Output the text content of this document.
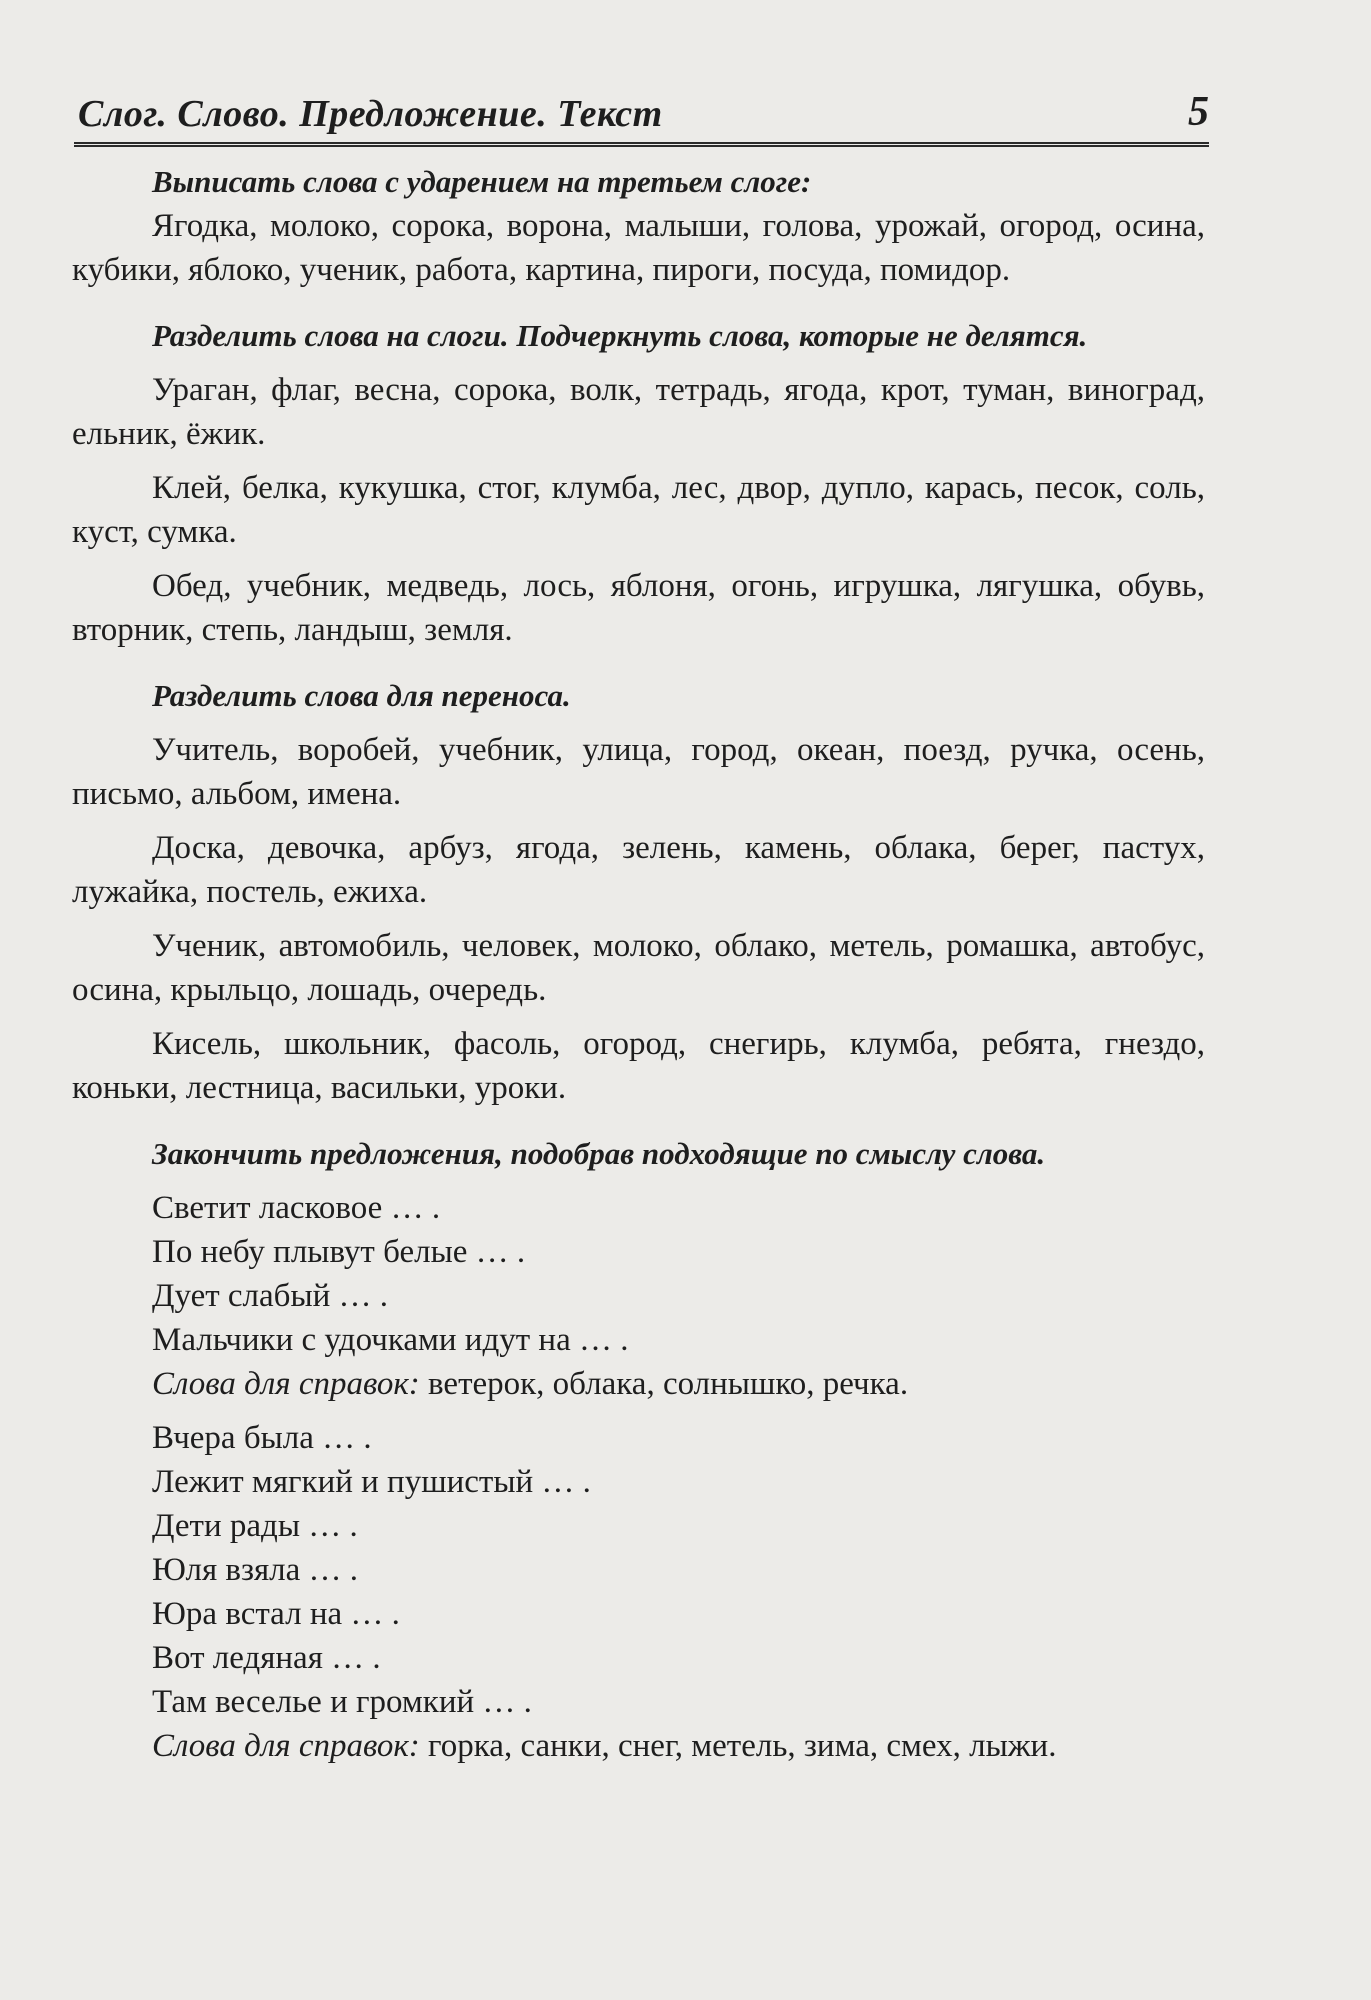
Слог. Слово. Предложение. Текст	5

Выписать слова с ударением на третьем слоге:

Ягодка, молоко, сорока, ворона, малыши, голова, урожай, огород, осина, кубики, яблоко, ученик, работа, картина, пироги, посуда, помидор.

Разделить слова на слоги. Подчеркнуть слова, которые не делятся.

Ураган, флаг, весна, сорока, волк, тетрадь, ягода, крот, туман, виноград, ельник, ёжик.

Клей, белка, кукушка, стог, клумба, лес, двор, дупло, карась, песок, соль, куст, сумка.

Обед, учебник, медведь, лось, яблоня, огонь, игрушка, лягушка, обувь, вторник, степь, ландыш, земля.

Разделить слова для переноса.

Учитель, воробей, учебник, улица, город, океан, поезд, ручка, осень, письмо, альбом, имена.

Доска, девочка, арбуз, ягода, зелень, камень, облака, берег, пастух, лужайка, постель, ежиха.

Ученик, автомобиль, человек, молоко, облако, метель, ромашка, автобус, осина, крыльцо, лошадь, очередь.

Кисель, школьник, фасоль, огород, снегирь, клумба, ребята, гнездо, коньки, лестница, васильки, уроки.

Закончить предложения, подобрав подходящие по смыслу слова.

Светит ласковое … .

По небу плывут белые … .

Дует слабый … .

Мальчики с удочками идут на … .

Слова для справок: ветерок, облака, солнышко, речка.

Вчера была … .

Лежит мягкий и пушистый … .

Дети рады … .

Юля взяла … .

Юра встал на … .

Вот ледяная … .

Там веселье и громкий … .

Слова для справок: горка, санки, снег, метель, зима, смех, лыжи.
